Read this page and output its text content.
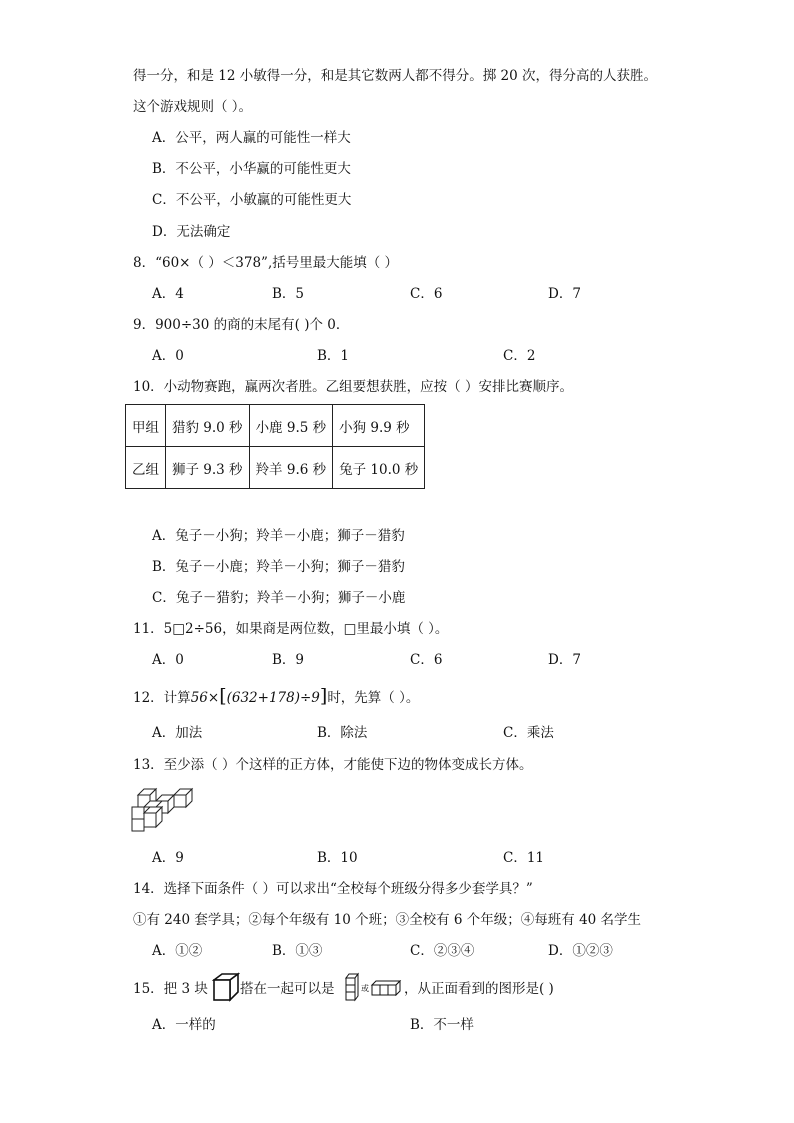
得一分，和是 12 小敏得一分，和是其它数两人都不得分。掷 20 次，得分高的人获胜。
这个游戏规则（ ）。
A．公平，两人赢的可能性一样大
B．不公平，小华赢的可能性更大
C．不公平，小敏赢的可能性更大
D．无法确定
8．“60×（ ）＜378”,括号里最大能填（ ）
A．4	B．5	C．6	D．7
9．900÷30 的商的末尾有( )个 0．
A．0	B．1	C．2
10．小动物赛跑，赢两次者胜。乙组要想获胜，应按（ ）安排比赛顺序。
甲组	猎豹 9.0 秒	小鹿 9.5 秒	小狗 9.9 秒
乙组	狮子 9.3 秒	羚羊 9.6 秒	兔子 10.0 秒
A．兔子－小狗；羚羊－小鹿；狮子－猎豹
B．兔子－小鹿；羚羊－小狗；狮子－猎豹
C．兔子－猎豹；羚羊－小狗；狮子－小鹿
11．5□2÷56，如果商是两位数，□里最小填（ ）。
A．0	B．9	C．6	D．7
12．计算56×[(632+178)÷9]时，先算（ ）。
A．加法	B．除法	C．乘法
13．至少添（ ）个这样的正方体，才能使下边的物体变成长方体。
A．9	B．10	C．11
14．选择下面条件（ ）可以求出“全校每个班级分得多少套学具？”
①有 240 套学具；②每个年级有 10 个班；③全校有 6 个年级；④每班有 40 名学生
A．①②	B．①③	C．②③④	D．①②③
15．把 3 块 搭在一起可以是	或	，从正面看到的图形是( )
A．一样的	B．不一样
